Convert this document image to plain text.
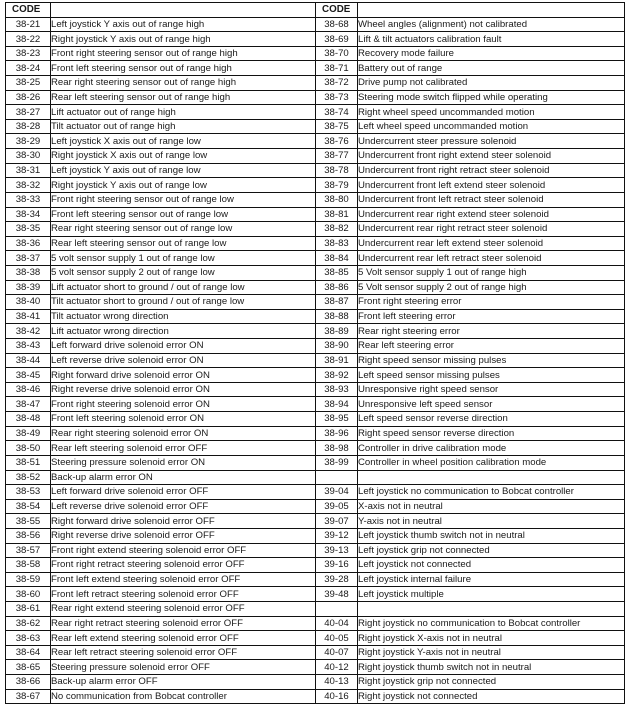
CODE		CODE	
38-21	Left joystick Y axis out of range high	38-68	Wheel angles (alignment) not calibrated
38-22	Right joystick Y axis out of range high	38-69	Lift & tilt actuators calibration fault
38-23	Front right steering sensor out of range high	38-70	Recovery mode failure
38-24	Front left steering sensor out of range high	38-71	Battery out of range
38-25	Rear right steering sensor out of range high	38-72	Drive pump not calibrated
38-26	Rear left steering sensor out of range high	38-73	Steering mode switch flipped while operating
38-27	Lift actuator out of range high	38-74	Right wheel speed uncommanded motion
38-28	Tilt actuator out of range high	38-75	Left wheel speed uncommanded motion
38-29	Left joystick X axis out of range low	38-76	Undercurrent steer pressure solenoid
38-30	Right joystick X axis out of range low	38-77	Undercurrent front right extend steer solenoid
38-31	Left joystick Y axis out of range low	38-78	Undercurrent front right retract steer solenoid
38-32	Right joystick Y axis out of range low	38-79	Undercurrent front left extend steer solenoid
38-33	Front right steering sensor out of range low	38-80	Undercurrent front left retract steer solenoid
38-34	Front left steering sensor out of range low	38-81	Undercurrent rear right extend steer solenoid
38-35	Rear right steering sensor out of range low	38-82	Undercurrent rear right retract steer solenoid
38-36	Rear left steering sensor out of range low	38-83	Undercurrent rear left extend steer solenoid
38-37	5 volt sensor supply 1 out of range low	38-84	Undercurrent rear left retract steer solenoid
38-38	5 volt sensor supply 2 out of range low	38-85	5 Volt sensor supply 1 out of range high
38-39	Lift actuator short to ground / out of range low	38-86	5 Volt sensor supply 2 out of range high
38-40	Tilt actuator short to ground / out of range low	38-87	Front right steering error
38-41	Tilt actuator wrong direction	38-88	Front left steering error
38-42	Lift actuator wrong direction	38-89	Rear right steering error
38-43	Left forward drive solenoid error ON	38-90	Rear left steering error
38-44	Left reverse drive solenoid error ON	38-91	Right speed sensor missing pulses
38-45	Right forward drive solenoid error ON	38-92	Left speed sensor missing pulses
38-46	Right reverse drive solenoid error ON	38-93	Unresponsive right speed sensor
38-47	Front right steering solenoid error ON	38-94	Unresponsive left speed sensor
38-48	Front left steering solenoid error ON	38-95	Left speed sensor reverse direction
38-49	Rear right steering solenoid error ON	38-96	Right speed sensor reverse direction
38-50	Rear left steering solenoid error OFF	38-98	Controller in drive calibration mode
38-51	Steering pressure solenoid error ON	38-99	Controller in wheel position calibration mode
38-52	Back-up alarm error ON		
38-53	Left forward drive solenoid error OFF	39-04	Left joystick no communication to Bobcat controller
38-54	Left reverse drive solenoid error OFF	39-05	X-axis not in neutral
38-55	Right forward drive solenoid error OFF	39-07	Y-axis not in neutral
38-56	Right reverse drive solenoid error OFF	39-12	Left joystick thumb switch not in neutral
38-57	Front right extend steering solenoid error OFF	39-13	Left joystick grip not connected
38-58	Front right retract steering solenoid error OFF	39-16	Left joystick not connected
38-59	Front left extend steering solenoid error OFF	39-28	Left joystick internal failure
38-60	Front left retract steering solenoid error OFF	39-48	Left joystick multiple
38-61	Rear right extend steering solenoid error OFF		
38-62	Rear right retract steering solenoid error OFF	40-04	Right joystick no communication to Bobcat controller
38-63	Rear left extend steering solenoid error OFF	40-05	Right joystick X-axis not in neutral
38-64	Rear left retract steering solenoid error OFF	40-07	Right joystick Y-axis not in neutral
38-65	Steering pressure solenoid error OFF	40-12	Right joystick thumb switch not in neutral
38-66	Back-up alarm error OFF	40-13	Right joystick grip not connected
38-67	No communication from Bobcat controller	40-16	Right joystick not connected
